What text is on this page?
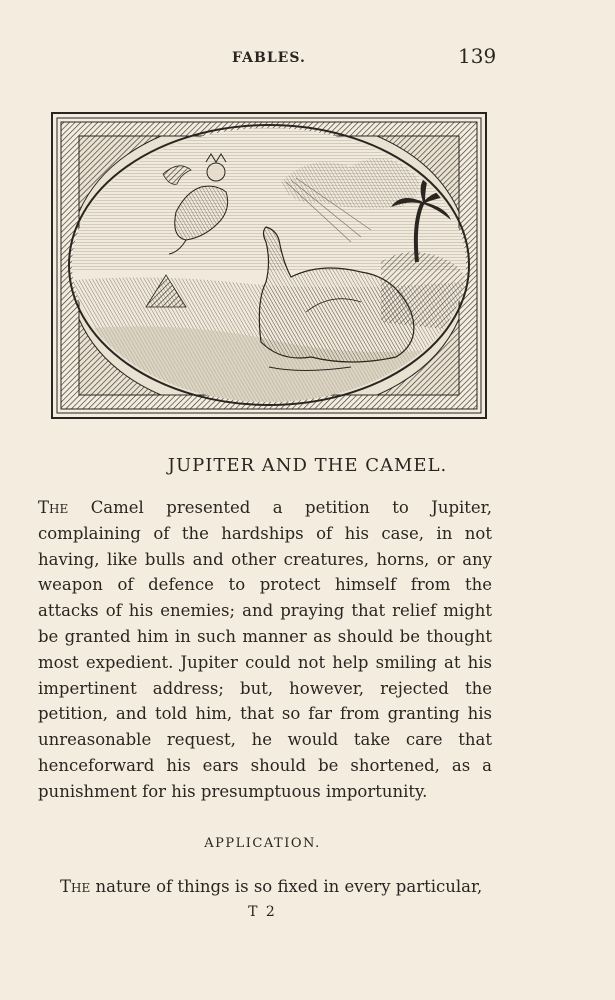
FABLES.	139
JUPITER AND THE CAMEL.

The Camel presented a petition to Jupiter, complaining of the hardships of his case, in not having, like bulls and other creatures, horns, or any weapon of defence to protect himself from the attacks of his enemies; and praying that relief might be granted him in such manner as should be thought most expedient. Jupiter could not help smiling at his impertinent address; but, however, rejected the petition, and told him, that so far from granting his unreasonable request, he would take care that henceforward his ears should be shortened, as a punishment for his presumptuous importunity.

APPLICATION.
The nature of things is so fixed in every particular,
T 2
